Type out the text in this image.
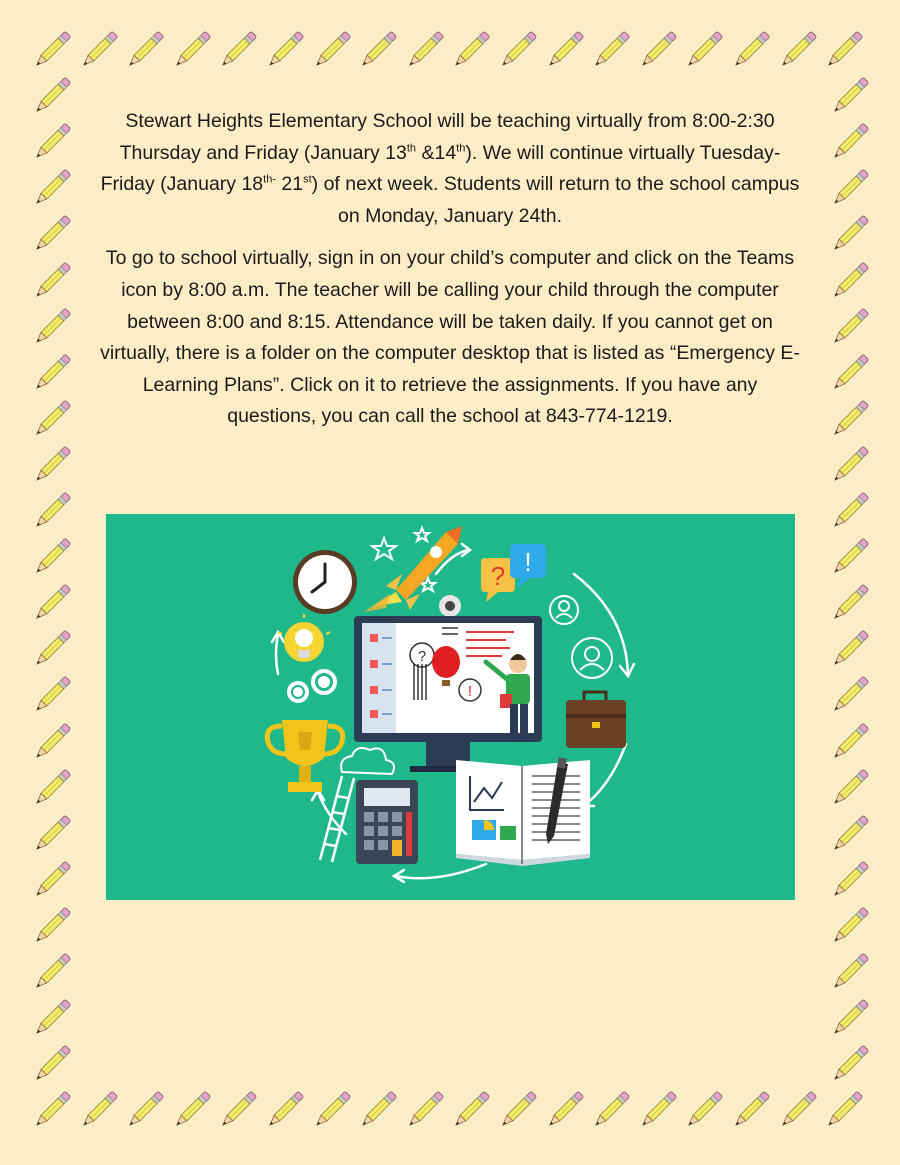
Stewart Heights Elementary School will be teaching virtually from 8:00-2:30 Thursday and Friday (January 13th &14th). We will continue virtually Tuesday-Friday (January $18^{th-}$ 21st) of next week. Students will return to the school campus on Monday, January 24th.

To go to school virtually, sign in on your child’s computer and click on the Teams icon by 8:00 a.m. The teacher will be calling your child through the computer between 8:00 and 8:15. Attendance will be taken daily. If you cannot get on virtually, there is a folder on the computer desktop that is listed as “Emergency E-Learning Plans”. Click on it to retrieve the assignments. If you have any questions, you can call the school at 843-774-1219.

? !
?
!
